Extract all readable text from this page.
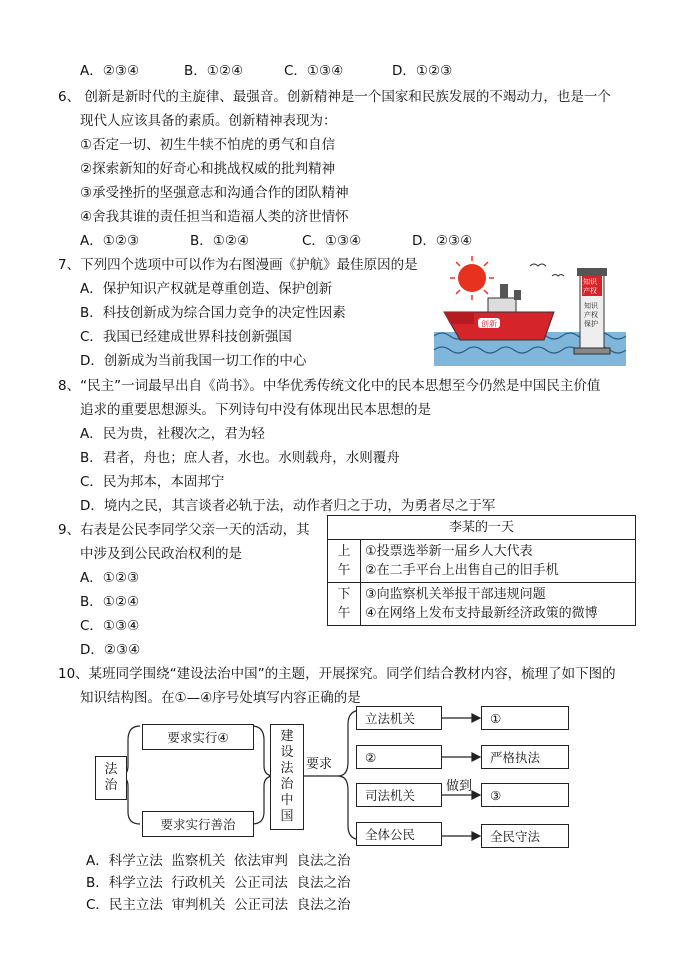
A．②③④	B．①②④	C．①③④	D．①②③
6、 创新是新时代的主旋律、最强音。创新精神是一个国家和民族发展的不竭动力，也是一个
现代人应该具备的素质。创新精神表现为：
①否定一切、初生牛犊不怕虎的勇气和自信
②探索新知的好奇心和挑战权威的批判精神
③承受挫折的坚强意志和沟通合作的团队精神
④舍我其谁的责任担当和造福人类的济世情怀
A．①②③	B．①②④	C．①③④	D．②③④
7、下列四个选项中可以作为右图漫画《护航》最佳原因的是
A．保护知识产权就是尊重创造、保护创新
B．科技创新成为综合国力竞争的决定性因素
C．我国已经建成世界科技创新强国
D．创新成为当前我国一切工作的中心
创新
知识产权
知识产权保护
知识产权保护
8、“民主”一词最早出自《尚书》。中华优秀传统文化中的民本思想至今仍然是中国民主价值
追求的重要思想源头。下列诗句中没有体现出民本思想的是
A．民为贵，社稷次之，君为轻
B．君者，舟也；庶人者，水也。水则载舟，水则覆舟
C．民为邦本，本固邦宁
D．境内之民，其言谈者必轨于法，动作者归之于功，为勇者尽之于军
9、右表是公民李同学父亲一天的活动，其
中涉及到公民政治权利的是
A．①②③
B．①②④
C．①③④
D．②③④
李某的一天	
上午	①投票选举新一届乡人大代表
②在二手平台上出售自己的旧手机

下午	③向监察机关举报干部违规问题
④在网络上发布支持最新经济政策的微博
10、某班同学围绕“建设法治中国”的主题，开展探究。同学们结合教材内容，梳理了如下图的
知识结构图。在①—④序号处填写内容正确的是
法治
要求实行④
要求实行善治
建设法治中国
要求
立法机关
②
司法机关
全体公民
做到
①
严格执法
③
全民守法
A．科学立法  监察机关  依法审判  良法之治
B．科学立法  行政机关  公正司法  良法之治
C．民主立法  审判机关  公正司法  良法之治
